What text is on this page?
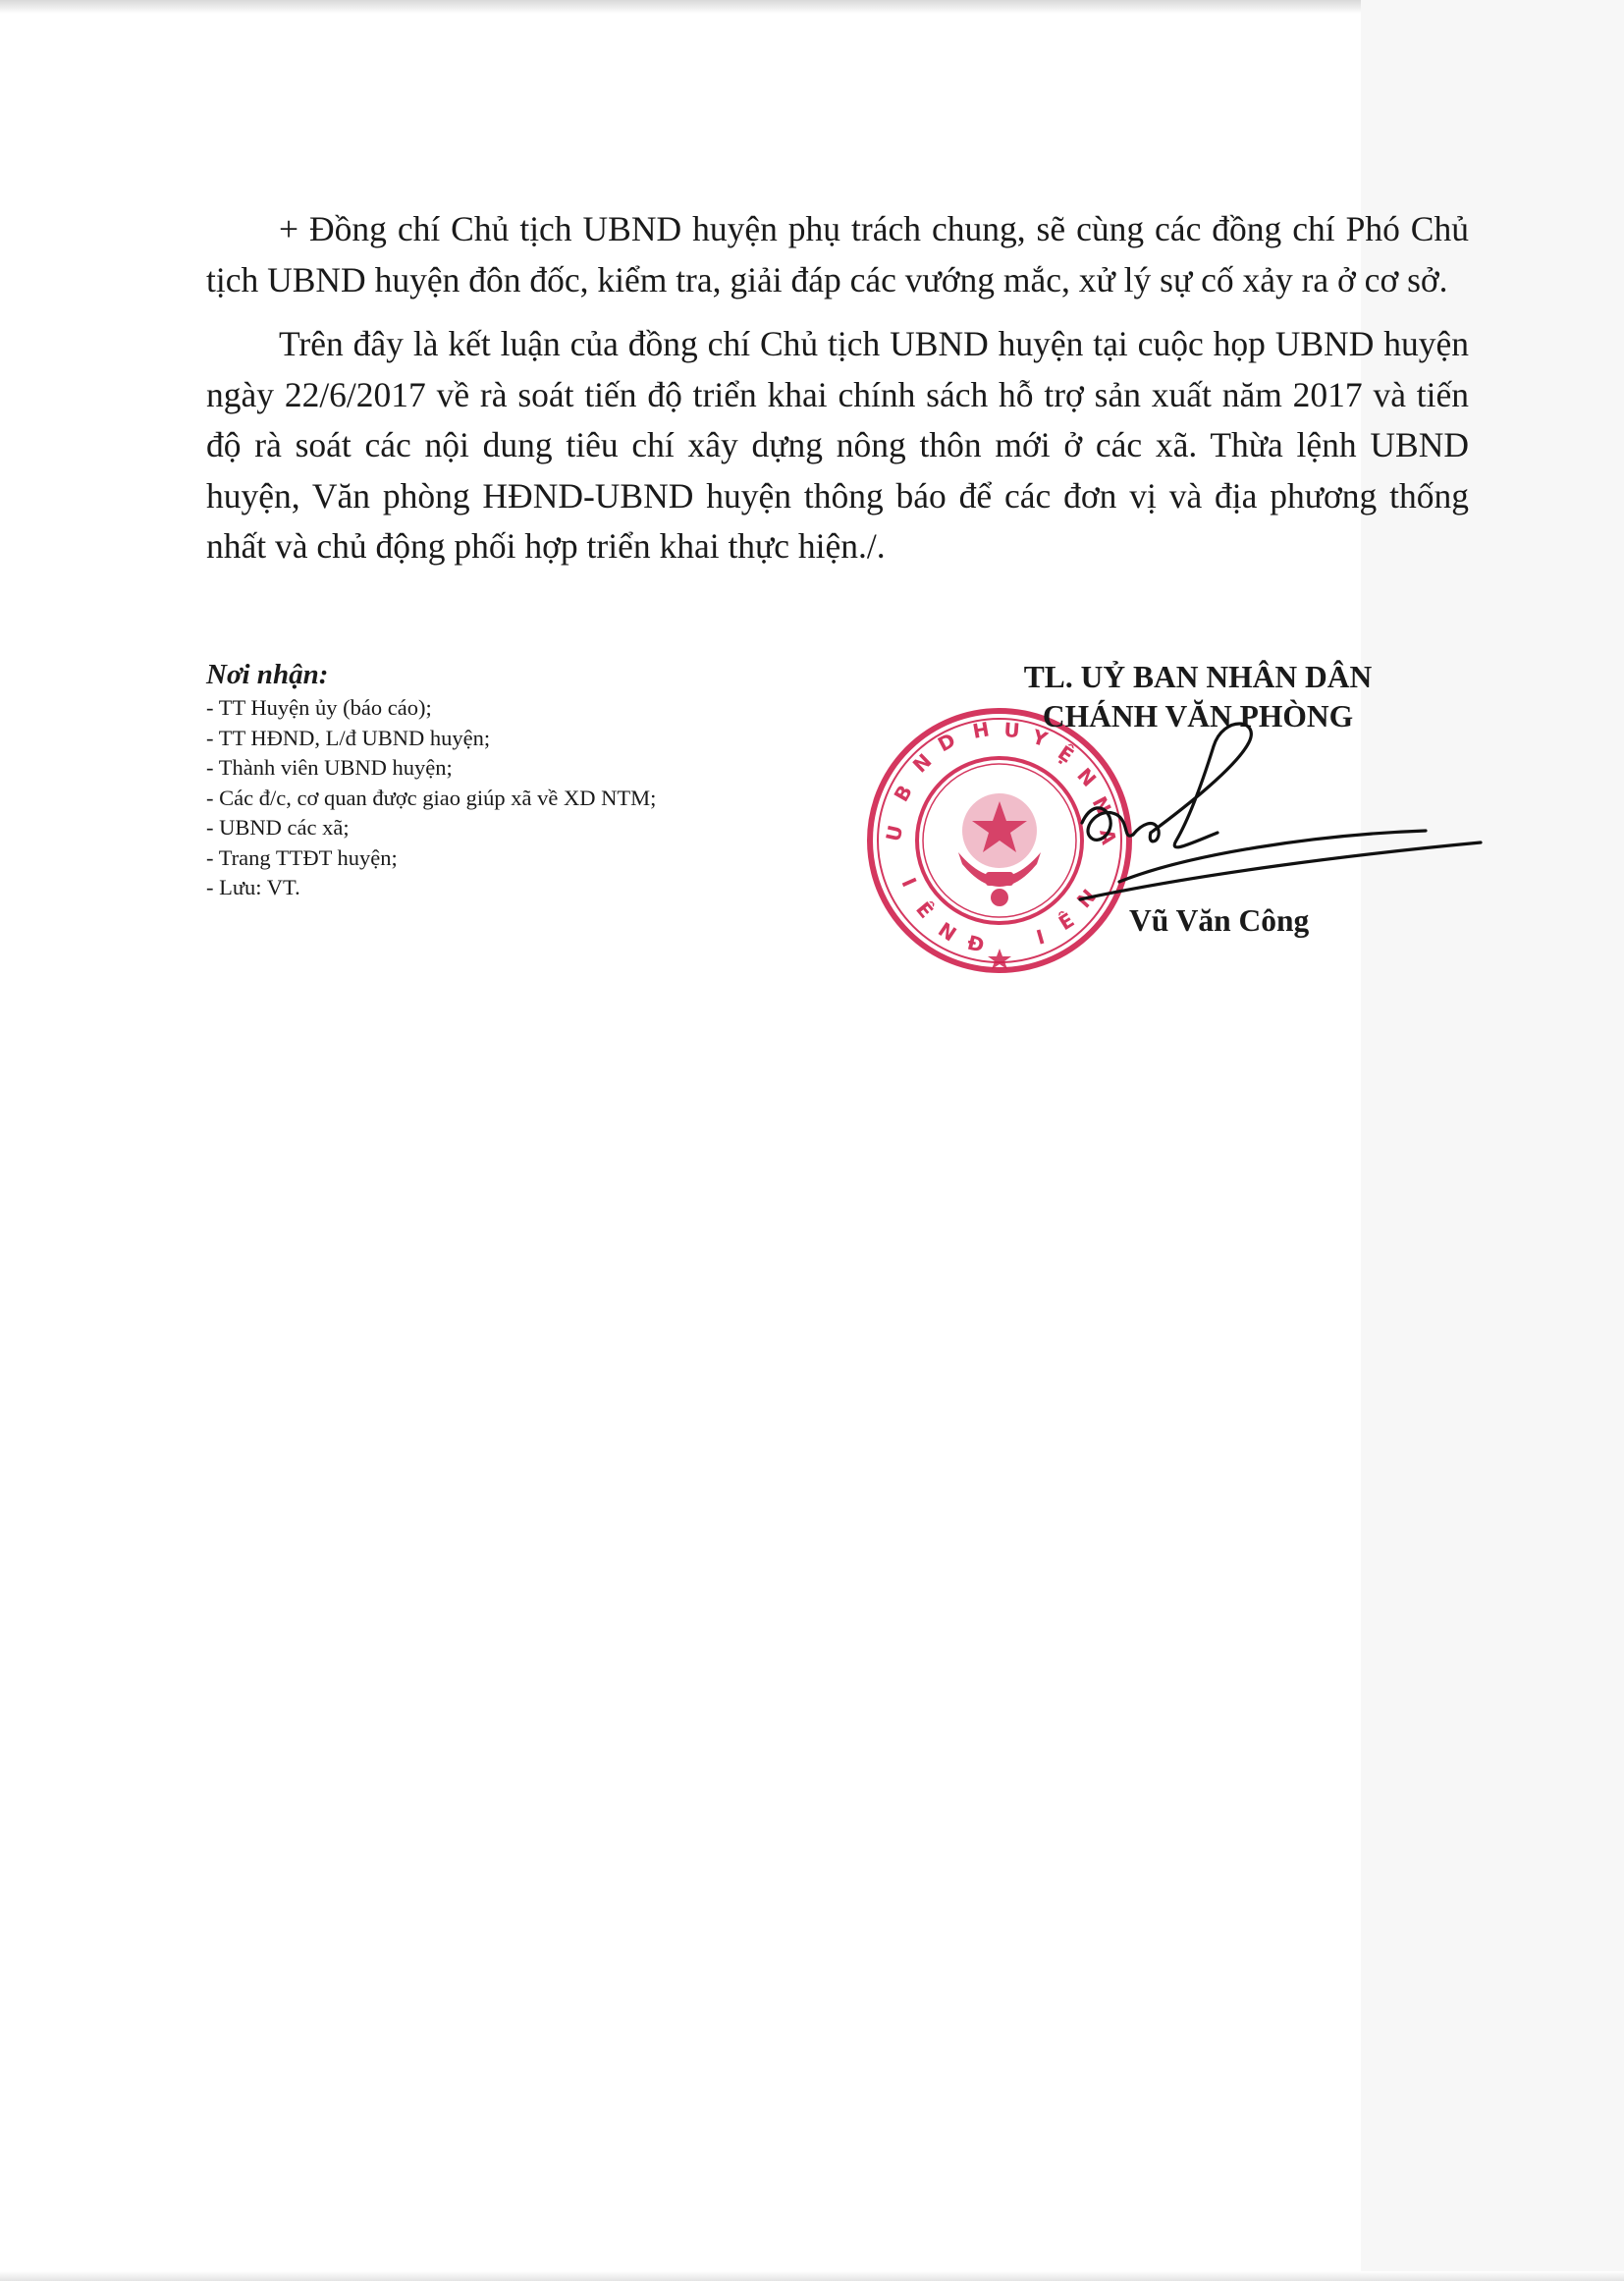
+ Đồng chí Chủ tịch UBND huyện phụ trách chung, sẽ cùng các đồng chí Phó Chủ tịch UBND huyện đôn đốc, kiểm tra, giải đáp các vướng mắc, xử lý sự cố xảy ra ở cơ sở.

Trên đây là kết luận của đồng chí Chủ tịch UBND huyện tại cuộc họp UBND huyện ngày 22/6/2017 về rà soát tiến độ triển khai chính sách hỗ trợ sản xuất năm 2017 và tiến độ rà soát các nội dung tiêu chí xây dựng nông thôn mới ở các xã. Thừa lệnh UBND huyện, Văn phòng HĐND-UBND huyện thông báo để các đơn vị và địa phương thống nhất và chủ động phối hợp triển khai thực hiện./.

Nơi nhận:
- TT Huyện ủy (báo cáo);
- TT HĐND, L/đ UBND huyện;
- Thành viên UBND huyện;
- Các đ/c, cơ quan được giao giúp xã về XD NTM;
- UBND các xã;
- Trang TTĐT huyện;
- Lưu: VT.
U
B
N
D H U Y
Ệ
N
N
A
N
Ê
I
Đ
N
Ê
I
TL. UỶ BAN NHÂN DÂN
CHÁNH VĂN PHÒNG
Vũ Văn Công
